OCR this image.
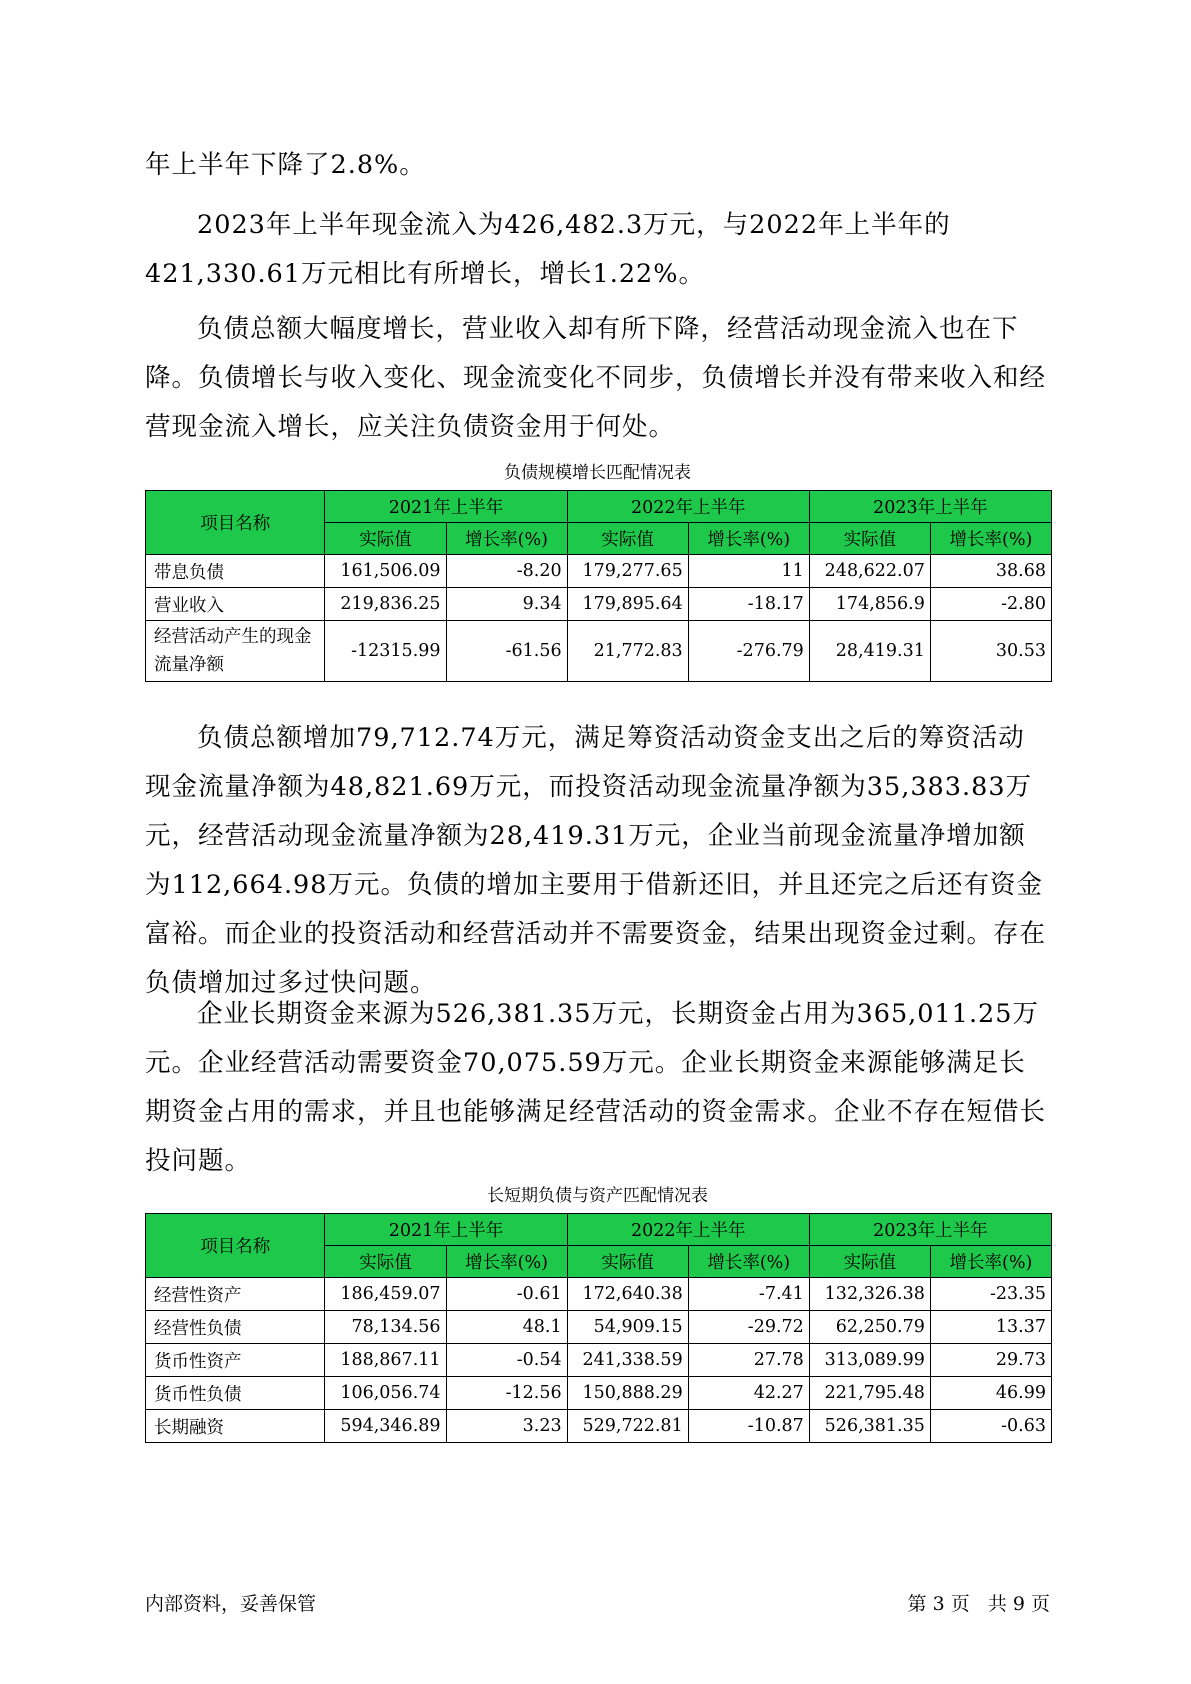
年上半年下降了2.8%。

2023年上半年现金流入为426,482.3万元，与2022年上半年的421,330.61万元相比有所增长，增长1.22%。

负债总额大幅度增长，营业收入却有所下降，经营活动现金流入也在下降。负债增长与收入变化、现金流变化不同步，负债增长并没有带来收入和经营现金流入增长，应关注负债资金用于何处。

负债规模增长匹配情况表
项目名称	2021年上半年		2022年上半年		2023年上半年	
	实际值	增长率(%)	实际值	增长率(%)	实际值	增长率(%)
带息负债	161,506.09	-8.20	179,277.65	11	248,622.07	38.68
营业收入	219,836.25	9.34	179,895.64	-18.17	174,856.9	-2.80
经营活动产生的现金流量净额	-12315.99	-61.56	21,772.83	-276.79	28,419.31	30.53

负债总额增加79,712.74万元，满足筹资活动资金支出之后的筹资活动现金流量净额为48,821.69万元，而投资活动现金流量净额为35,383.83万元，经营活动现金流量净额为28,419.31万元，企业当前现金流量净增加额为112,664.98万元。负债的增加主要用于借新还旧，并且还完之后还有资金富裕。而企业的投资活动和经营活动并不需要资金，结果出现资金过剩。存在负债增加过多过快问题。

企业长期资金来源为526,381.35万元，长期资金占用为365,011.25万元。企业经营活动需要资金70,075.59万元。企业长期资金来源能够满足长期资金占用的需求，并且也能够满足经营活动的资金需求。企业不存在短借长投问题。

长短期负债与资产匹配情况表
项目名称	2021年上半年		2022年上半年		2023年上半年	
	实际值	增长率(%)	实际值	增长率(%)	实际值	增长率(%)
经营性资产	186,459.07	-0.61	172,640.38	-7.41	132,326.38	-23.35
经营性负债	78,134.56	48.1	54,909.15	-29.72	62,250.79	13.37
货币性资产	188,867.11	-0.54	241,338.59	27.78	313,089.99	29.73
货币性负债	106,056.74	-12.56	150,888.29	42.27	221,795.48	46.99
长期融资	594,346.89	3.23	529,722.81	-10.87	526,381.35	-0.63
内部资料，妥善保管	第 3 页   共 9 页
